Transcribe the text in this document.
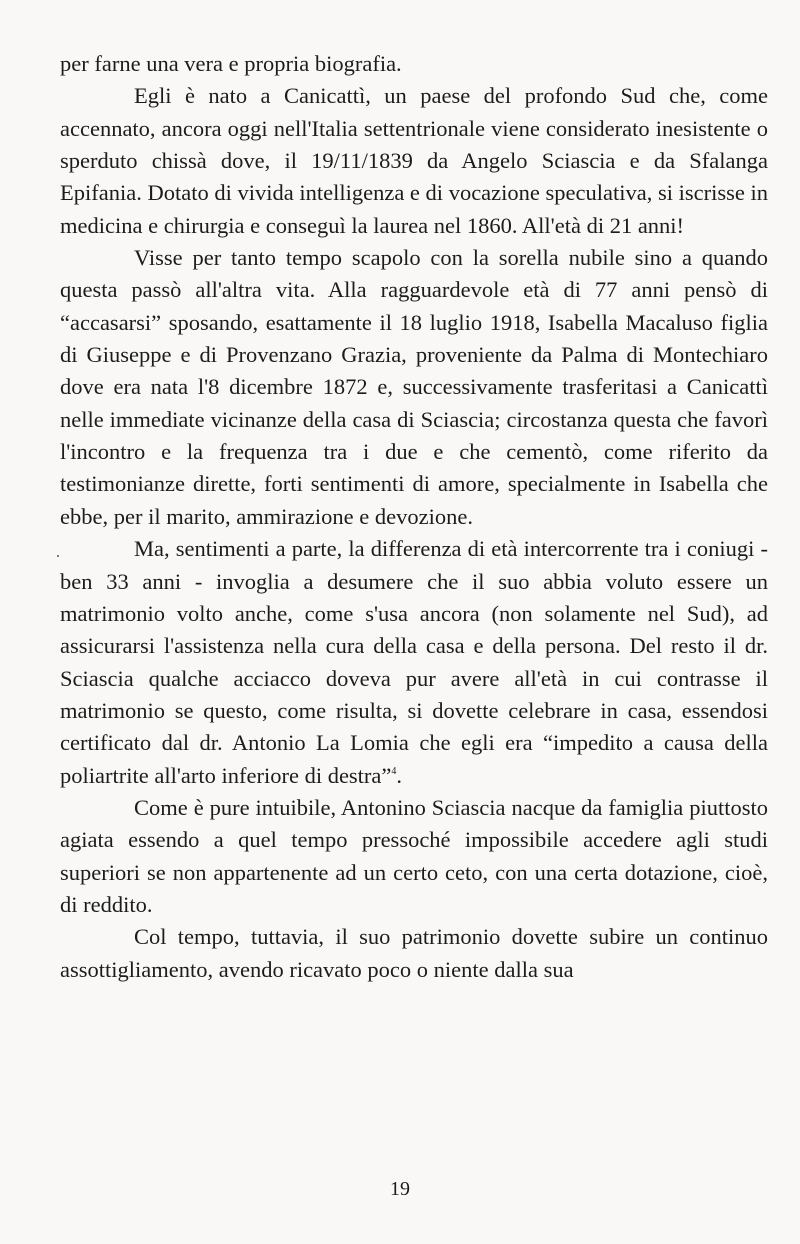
per farne una vera e propria biografia.

Egli è nato a Canicattì, un paese del profondo Sud che, come accennato, ancora oggi nell'Italia settentrionale viene considerato inesistente o sperduto chissà dove, il 19/11/1839 da Angelo Sciascia e da Sfalanga Epifania. Dotato di vivida intelligenza e di vocazione speculativa, si iscrisse in medicina e chirurgia e conseguì la laurea nel 1860. All'età di 21 anni!

Visse per tanto tempo scapolo con la sorella nubile sino a quando questa passò all'altra vita. Alla ragguardevole età di 77 anni pensò di “accasarsi” sposando, esattamente il 18 luglio 1918, Isabella Macaluso figlia di Giuseppe e di Provenzano Grazia, proveniente da Palma di Montechiaro dove era nata l'8 dicembre 1872 e, successivamente trasferitasi a Canicattì nelle immediate vicinanze della casa di Sciascia; circostanza questa che favorì l'incontro e la frequenza tra i due e che cementò, come riferito da testimonianze dirette, forti sentimenti di amore, specialmente in Isabella che ebbe, per il marito, ammirazione e devozione.

Ma, sentimenti a parte, la differenza di età intercorrente tra i coniugi - ben 33 anni - invoglia a desumere che il suo abbia voluto essere un matrimonio volto anche, come s'usa ancora (non solamente nel Sud), ad assicurarsi l'assistenza nella cura della casa e della persona. Del resto il dr. Sciascia qualche acciacco doveva pur avere all'età in cui contrasse il matrimonio se questo, come risulta, si dovette celebrare in casa, essendosi certificato dal dr. Antonio La Lomia che egli era “impedito a causa della poliartrite all'arto inferiore di destra”$^4$.

Come è pure intuibile, Antonino Sciascia nacque da famiglia piuttosto agiata essendo a quel tempo pressoché impossibile accedere agli studi superiori se non appartenente ad un certo ceto, con una certa dotazione, cioè, di reddito.

Col tempo, tuttavia, il suo patrimonio dovette subire un continuo assottigliamento, avendo ricavato poco o niente dalla sua

19
